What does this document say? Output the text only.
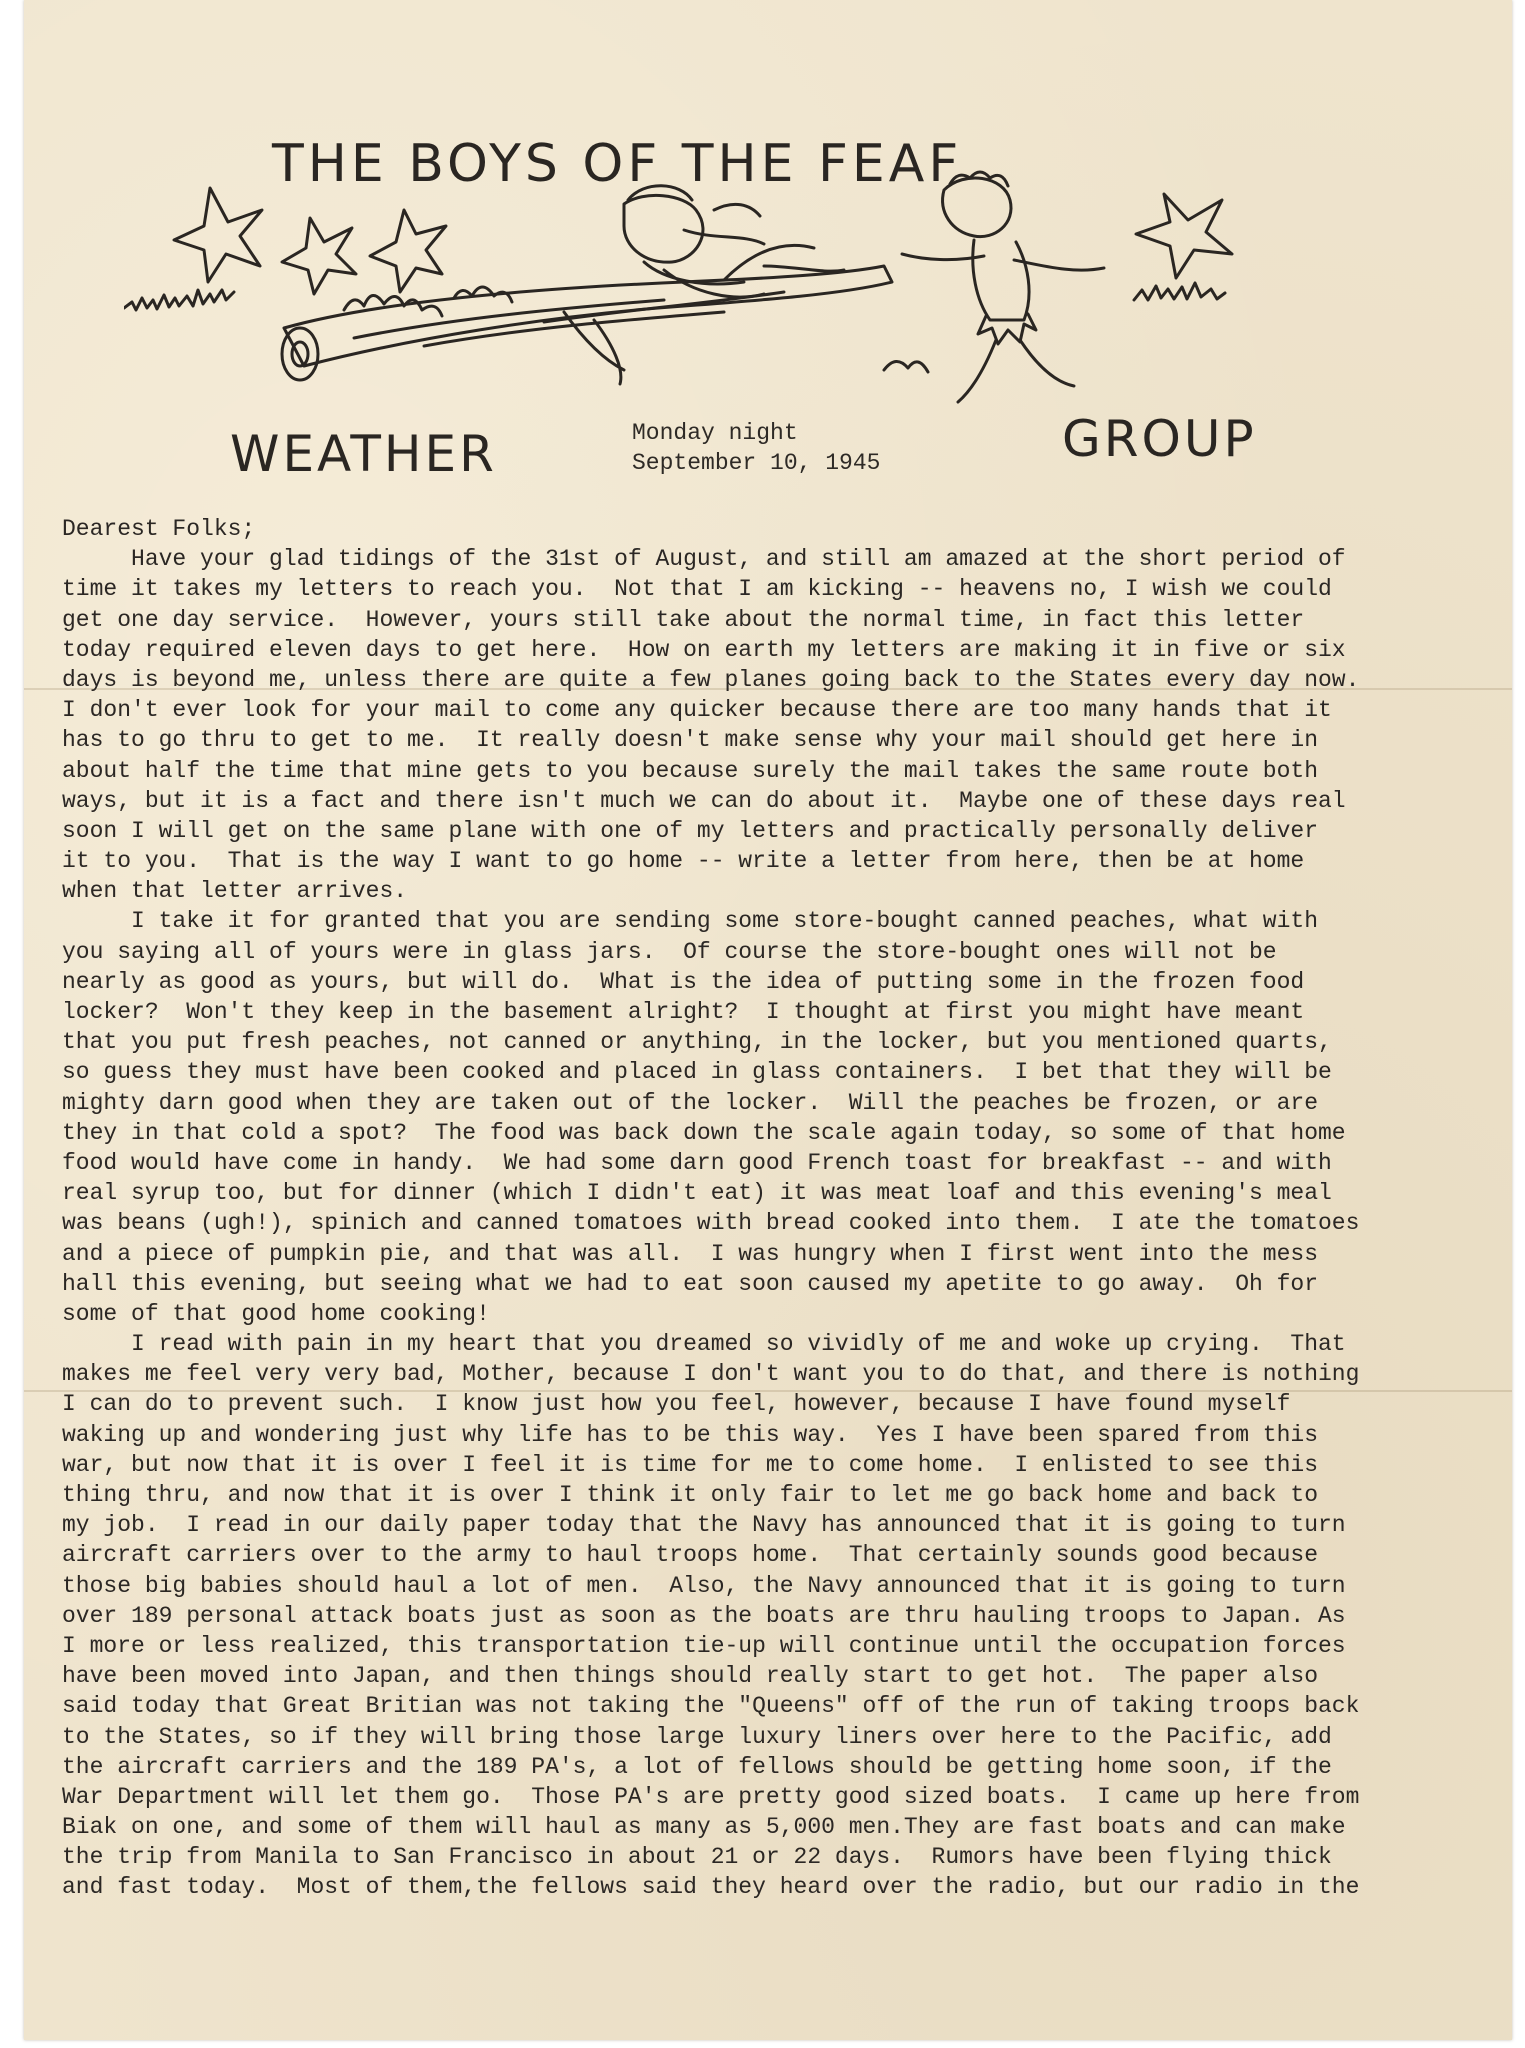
THE BOYS OF THE FEAF
WEATHER	Monday night
September 10, 1945	GROUP
Dearest Folks;
Have your glad tidings of the 31st of August, and still am amazed at the short period of
time it takes my letters to reach you.  Not that I am kicking -- heavens no, I wish we could
get one day service.  However, yours still take about the normal time, in fact this letter
today required eleven days to get here.  How on earth my letters are making it in five or six
days is beyond me, unless there are quite a few planes going back to the States every day now.
I don't ever look for your mail to come any quicker because there are too many hands that it
has to go thru to get to me.  It really doesn't make sense why your mail should get here in
about half the time that mine gets to you because surely the mail takes the same route both
ways, but it is a fact and there isn't much we can do about it.  Maybe one of these days real
soon I will get on the same plane with one of my letters and practically personally deliver
it to you.  That is the way I want to go home -- write a letter from here, then be at home
when that letter arrives.
I take it for granted that you are sending some store-bought canned peaches, what with
you saying all of yours were in glass jars.  Of course the store-bought ones will not be
nearly as good as yours, but will do.  What is the idea of putting some in the frozen food
locker?  Won't they keep in the basement alright?  I thought at first you might have meant
that you put fresh peaches, not canned or anything, in the locker, but you mentioned quarts,
so guess they must have been cooked and placed in glass containers.  I bet that they will be
mighty darn good when they are taken out of the locker.  Will the peaches be frozen, or are
they in that cold a spot?  The food was back down the scale again today, so some of that home
food would have come in handy.  We had some darn good French toast for breakfast -- and with
real syrup too, but for dinner (which I didn't eat) it was meat loaf and this evening's meal
was beans (ugh!), spinich and canned tomatoes with bread cooked into them.  I ate the tomatoes
and a piece of pumpkin pie, and that was all.  I was hungry when I first went into the mess
hall this evening, but seeing what we had to eat soon caused my apetite to go away.  Oh for
some of that good home cooking!
I read with pain in my heart that you dreamed so vividly of me and woke up crying.  That
makes me feel very very bad, Mother, because I don't want you to do that, and there is nothing
I can do to prevent such.  I know just how you feel, however, because I have found myself
waking up and wondering just why life has to be this way.  Yes I have been spared from this
war, but now that it is over I feel it is time for me to come home.  I enlisted to see this
thing thru, and now that it is over I think it only fair to let me go back home and back to
my job.  I read in our daily paper today that the Navy has announced that it is going to turn
aircraft carriers over to the army to haul troops home.  That certainly sounds good because
those big babies should haul a lot of men.  Also, the Navy announced that it is going to turn
over 189 personal attack boats just as soon as the boats are thru hauling troops to Japan. As
I more or less realized, this transportation tie-up will continue until the occupation forces
have been moved into Japan, and then things should really start to get hot.  The paper also
said today that Great Britian was not taking the "Queens" off of the run of taking troops back
to the States, so if they will bring those large luxury liners over here to the Pacific, add
the aircraft carriers and the 189 PA's, a lot of fellows should be getting home soon, if the
War Department will let them go.  Those PA's are pretty good sized boats.  I came up here from
Biak on one, and some of them will haul as many as 5,000 men.They are fast boats and can make
the trip from Manila to San Francisco in about 21 or 22 days.  Rumors have been flying thick
and fast today.  Most of them,the fellows said they heard over the radio, but our radio in the
